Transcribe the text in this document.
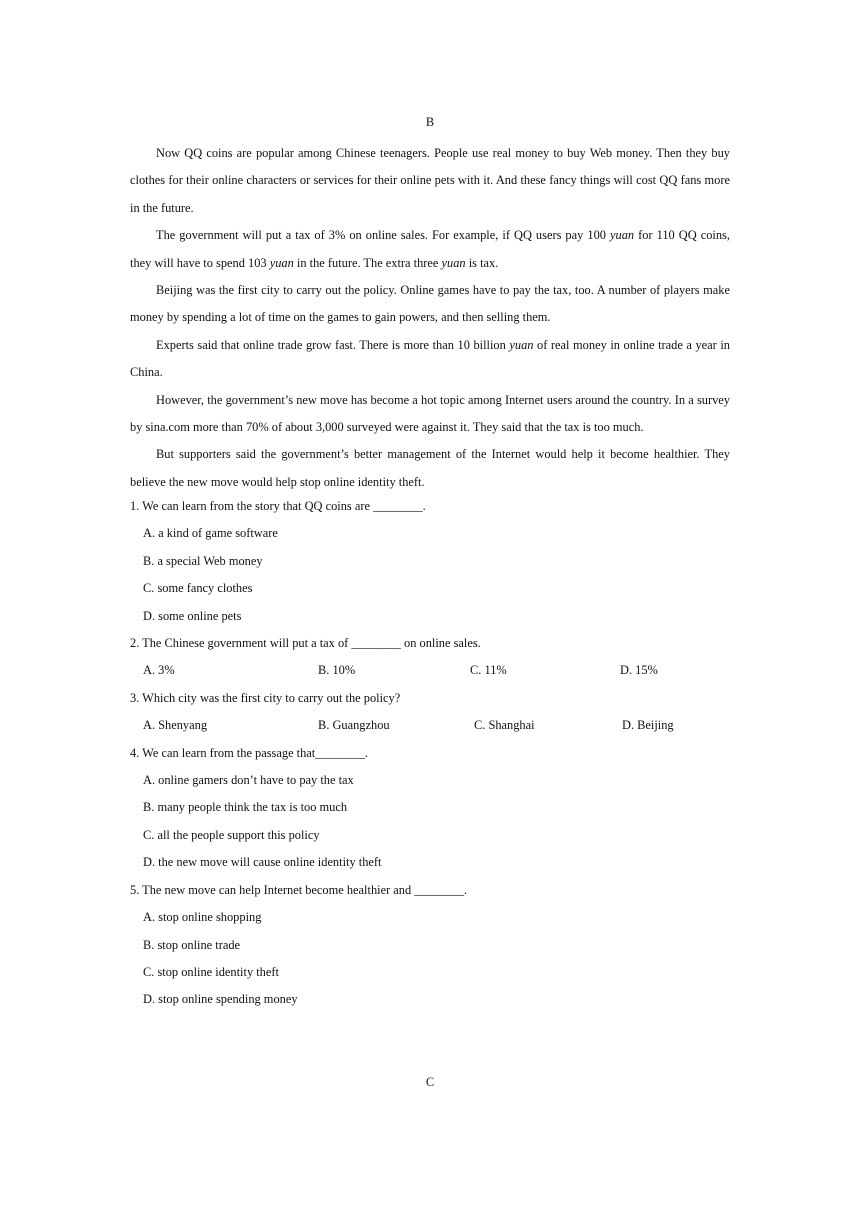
B

Now QQ coins are popular among Chinese teenagers. People use real money to buy Web money. Then they buy clothes for their online characters or services for their online pets with it. And these fancy things will cost QQ fans more in the future.

The government will put a tax of 3% on online sales. For example, if QQ users pay 100 yuan for 110 QQ coins, they will have to spend 103 yuan in the future. The extra three yuan is tax.

Beijing was the first city to carry out the policy. Online games have to pay the tax, too. A number of players make money by spending a lot of time on the games to gain powers, and then selling them.

Experts said that online trade grow fast. There is more than 10 billion yuan of real money in online trade a year in China.

However, the government’s new move has become a hot topic among Internet users around the country. In a survey by sina.com more than 70% of about 3,000 surveyed were against it. They said that the tax is too much.

But supporters said the government’s better management of the Internet would help it become healthier. They believe the new move would help stop online identity theft.

1. We can learn from the story that QQ coins are ________.
A. a kind of game software
B. a special Web money
C. some fancy clothes
D. some online pets
2. The Chinese government will put a tax of ________ on online sales.
A. 3%	B. 10%	C. 11%	D. 15%
3. Which city was the first city to carry out the policy?
A. Shenyang	B. Guangzhou	C. Shanghai	D. Beijing
4. We can learn from the passage that________.
A. online gamers don’t have to pay the tax
B. many people think the tax is too much
C. all the people support this policy
D. the new move will cause online identity theft
5. The new move can help Internet become healthier and ________.
A. stop online shopping
B. stop online trade
C. stop online identity theft
D. stop online spending money
C
